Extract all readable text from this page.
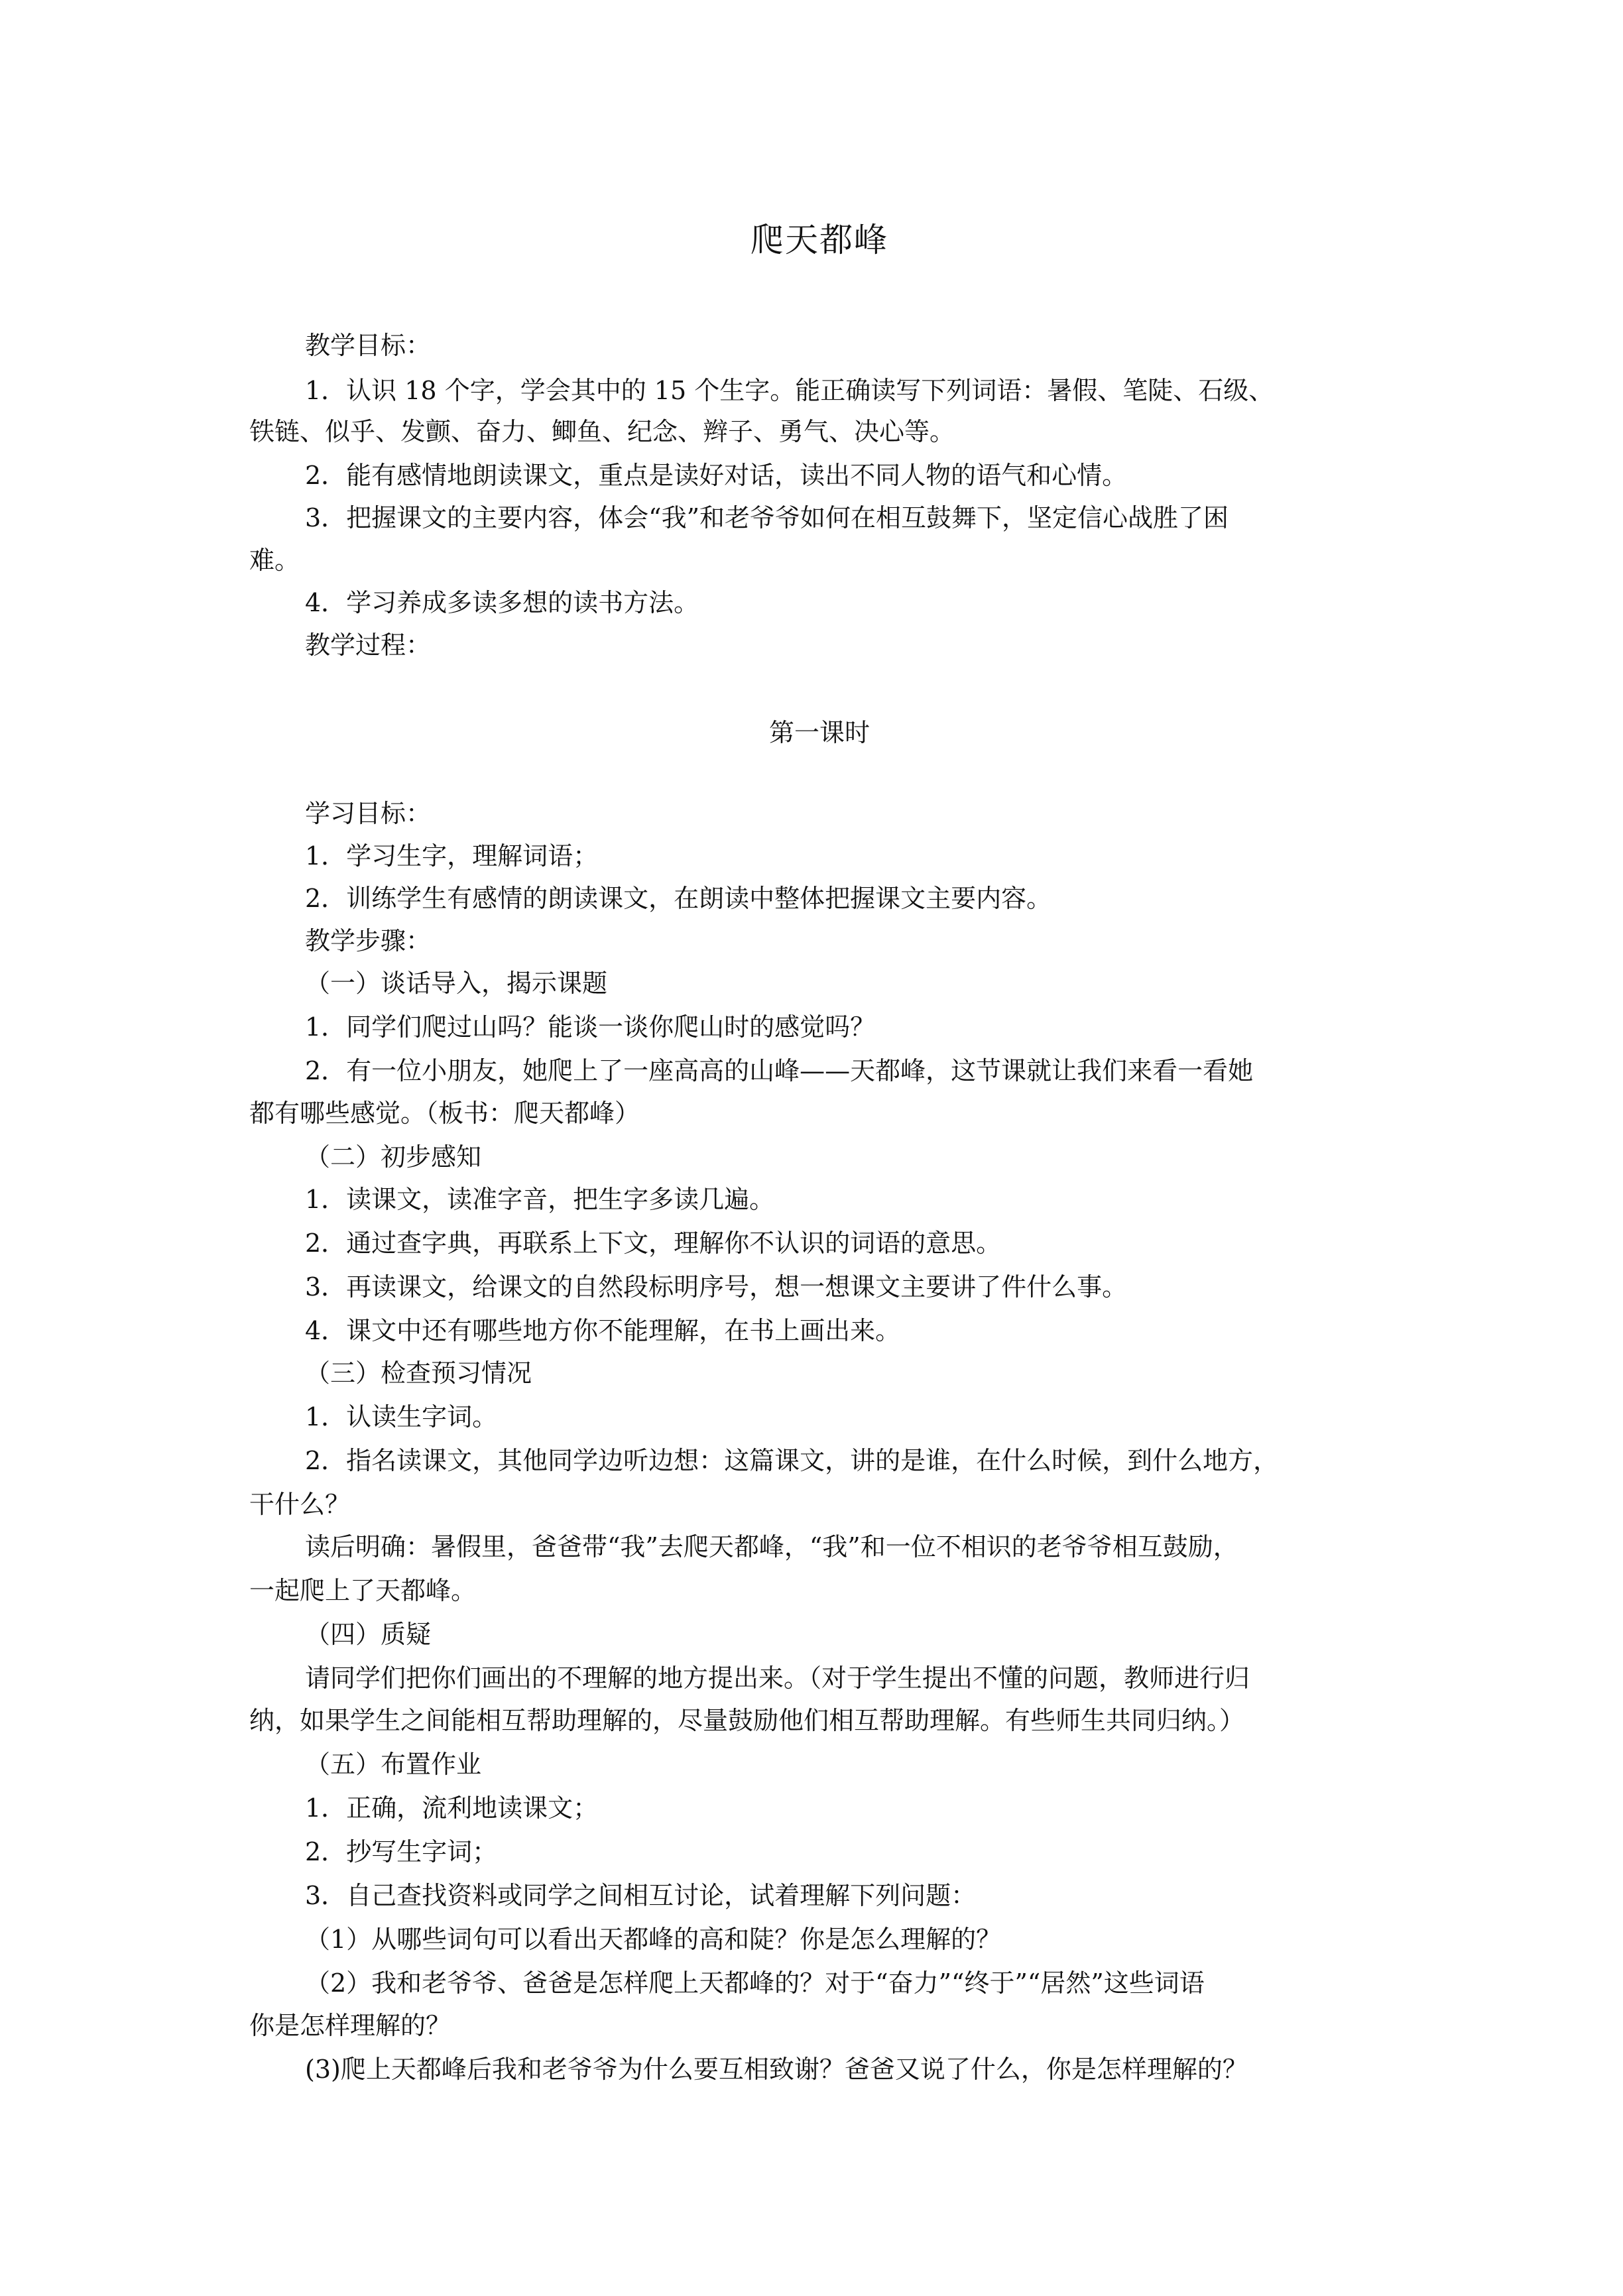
爬天都峰
教学目标：
1．认识 18 个字，学会其中的 15 个生字。能正确读写下列词语：暑假、笔陡、石级、
铁链、似乎、发颤、奋力、鲫鱼、纪念、辫子、勇气、决心等。
2．能有感情地朗读课文，重点是读好对话，读出不同人物的语气和心情。
3．把握课文的主要内容，体会“我”和老爷爷如何在相互鼓舞下，坚定信心战胜了困
难。
4．学习养成多读多想的读书方法。
教学过程：
第一课时
学习目标：
1．学习生字，理解词语；
2．训练学生有感情的朗读课文，在朗读中整体把握课文主要内容。
教学步骤：
（一）谈话导入，揭示课题
1．同学们爬过山吗？能谈一谈你爬山时的感觉吗？
2．有一位小朋友，她爬上了一座高高的山峰——天都峰，这节课就让我们来看一看她
都有哪些感觉。（板书：爬天都峰）
（二）初步感知
1．读课文，读准字音，把生字多读几遍。
2．通过查字典，再联系上下文，理解你不认识的词语的意思。
3．再读课文，给课文的自然段标明序号，想一想课文主要讲了件什么事。
4．课文中还有哪些地方你不能理解，在书上画出来。
（三）检查预习情况
1．认读生字词。
2．指名读课文，其他同学边听边想：这篇课文，讲的是谁，在什么时候，到什么地方，
干什么？
读后明确：暑假里，爸爸带“我”去爬天都峰，“我”和一位不相识的老爷爷相互鼓励，
一起爬上了天都峰。
（四）质疑
请同学们把你们画出的不理解的地方提出来。（对于学生提出不懂的问题，教师进行归
纳，如果学生之间能相互帮助理解的，尽量鼓励他们相互帮助理解。有些师生共同归纳。）
（五）布置作业
1．正确，流利地读课文；
2．抄写生字词；
3．自己查找资料或同学之间相互讨论，试着理解下列问题：
（1）从哪些词句可以看出天都峰的高和陡？你是怎么理解的？
（2）我和老爷爷、爸爸是怎样爬上天都峰的？对于“奋力”“终于”“居然”这些词语
你是怎样理解的？
(3)爬上天都峰后我和老爷爷为什么要互相致谢？爸爸又说了什么，你是怎样理解的？
